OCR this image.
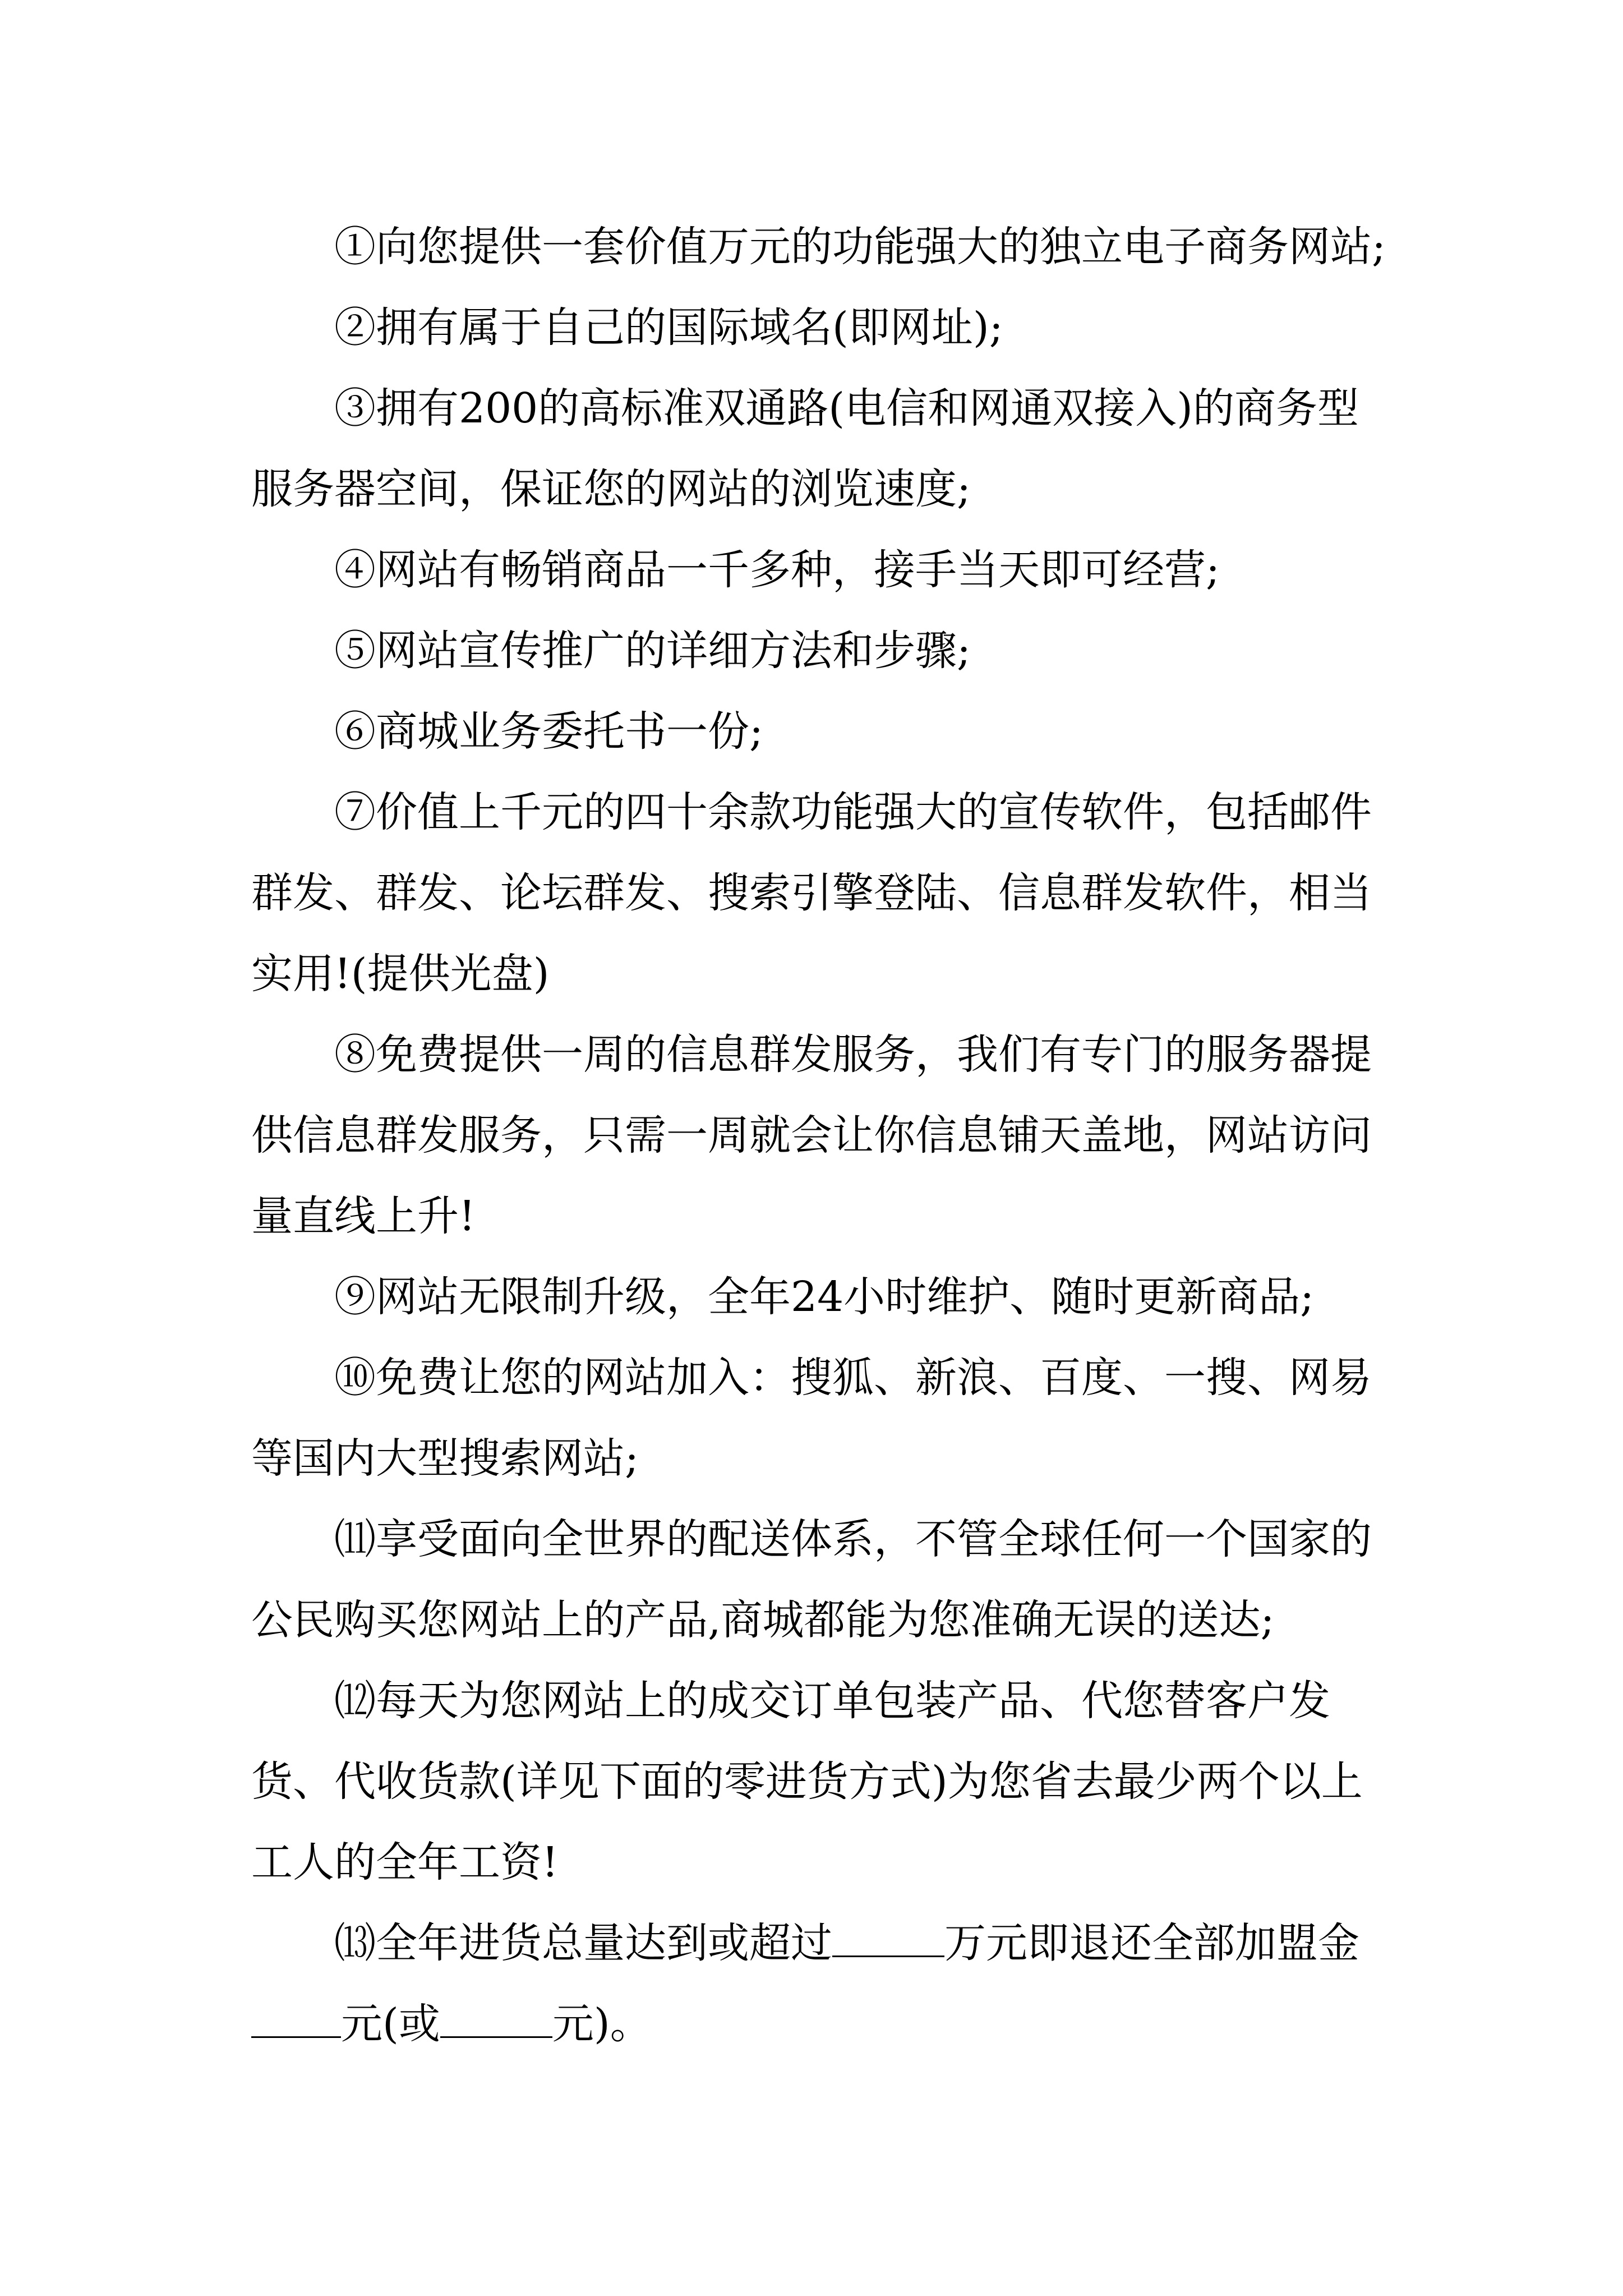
①向您提供一套价值万元的功能强大的独立电子商务网站;

②拥有属于自己的国际域名(即网址);

③拥有200的高标准双通路(电信和网通双接入)的商务型服务器空间，保证您的网站的浏览速度;

④网站有畅销商品一千多种，接手当天即可经营;

⑤网站宣传推广的详细方法和步骤;

⑥商城业务委托书一份;

⑦价值上千元的四十余款功能强大的宣传软件，包括邮件群发、群发、论坛群发、搜索引擎登陆、信息群发软件，相当实用!(提供光盘)

⑧免费提供一周的信息群发服务，我们有专门的服务器提供信息群发服务，只需一周就会让你信息铺天盖地，网站访问量直线上升!

⑨网站无限制升级，全年24小时维护、随时更新商品;

⑩免费让您的网站加入：搜狐、新浪、百度、一搜、网易等国内大型搜索网站;

⑾享受面向全世界的配送体系，不管全球任何一个国家的公民购买您网站上的产品,商城都能为您准确无误的送达;

⑿每天为您网站上的成交订单包装产品、代您替客户发货、代收货款(详见下面的零进货方式)为您省去最少两个以上工人的全年工资!

⒀全年进货总量达到或超过	万元即退还全部加盟金元(或	元)。
